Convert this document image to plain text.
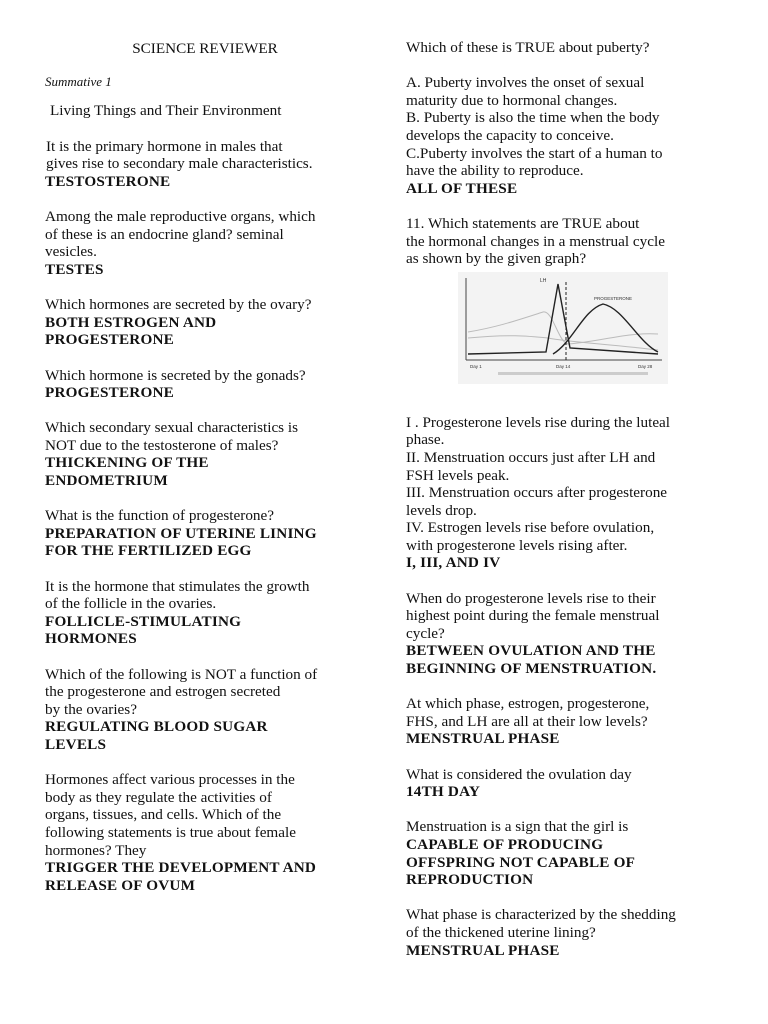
SCIENCE REVIEWER
Summative 1
Living Things and Their Environment
It is the primary hormone in males that
gives rise to secondary male characteristics.
TESTOSTERONE
Among the male reproductive organs, which
of these is an endocrine gland? seminal
vesicles.
TESTES
Which hormones are secreted by the ovary?
BOTH ESTROGEN AND
PROGESTERONE
Which hormone is secreted by the gonads?
PROGESTERONE
Which secondary sexual characteristics is
NOT due to the testosterone of males?
THICKENING OF THE
ENDOMETRIUM
What is the function of progesterone?
PREPARATION OF UTERINE LINING
FOR THE FERTILIZED EGG
It is the hormone that stimulates the growth
of the follicle in the ovaries.
FOLLICLE-STIMULATING
HORMONES
Which of the following is NOT a function of
the progesterone and estrogen secreted
by the ovaries?
REGULATING BLOOD SUGAR
LEVELS
Hormones affect various processes in the
body as they regulate the activities of
organs, tissues, and cells. Which of the
following statements is true about female
hormones? They
TRIGGER THE DEVELOPMENT AND
RELEASE OF OVUM
Which of these is TRUE about puberty?
A. Puberty involves the onset of sexual
maturity due to hormonal changes.
B. Puberty is also the time when the body
develops the capacity to conceive.
C.Puberty involves the start of a human to
have the ability to reproduce.
ALL OF THESE
11. Which statements are TRUE about
the hormonal changes in a menstrual cycle
as shown by the given graph?
LH
PROGESTERONE
Day 1	Day 14	Day 28
I . Progesterone levels rise during the luteal
phase.
II. Menstruation occurs just after LH and
FSH levels peak.
III. Menstruation occurs after progesterone
levels drop.
IV. Estrogen levels rise before ovulation,
with progesterone levels rising after.
I, III, AND IV
When do progesterone levels rise to their
highest point during the female menstrual
cycle?
BETWEEN OVULATION AND THE
BEGINNING OF MENSTRUATION.
At which phase, estrogen, progesterone,
FHS, and LH are all at their low levels?
MENSTRUAL PHASE
What is considered the ovulation day
14TH DAY
Menstruation is a sign that the girl is
CAPABLE OF PRODUCING
OFFSPRING NOT CAPABLE OF
REPRODUCTION
What phase is characterized by the shedding
of the thickened uterine lining?
MENSTRUAL PHASE
